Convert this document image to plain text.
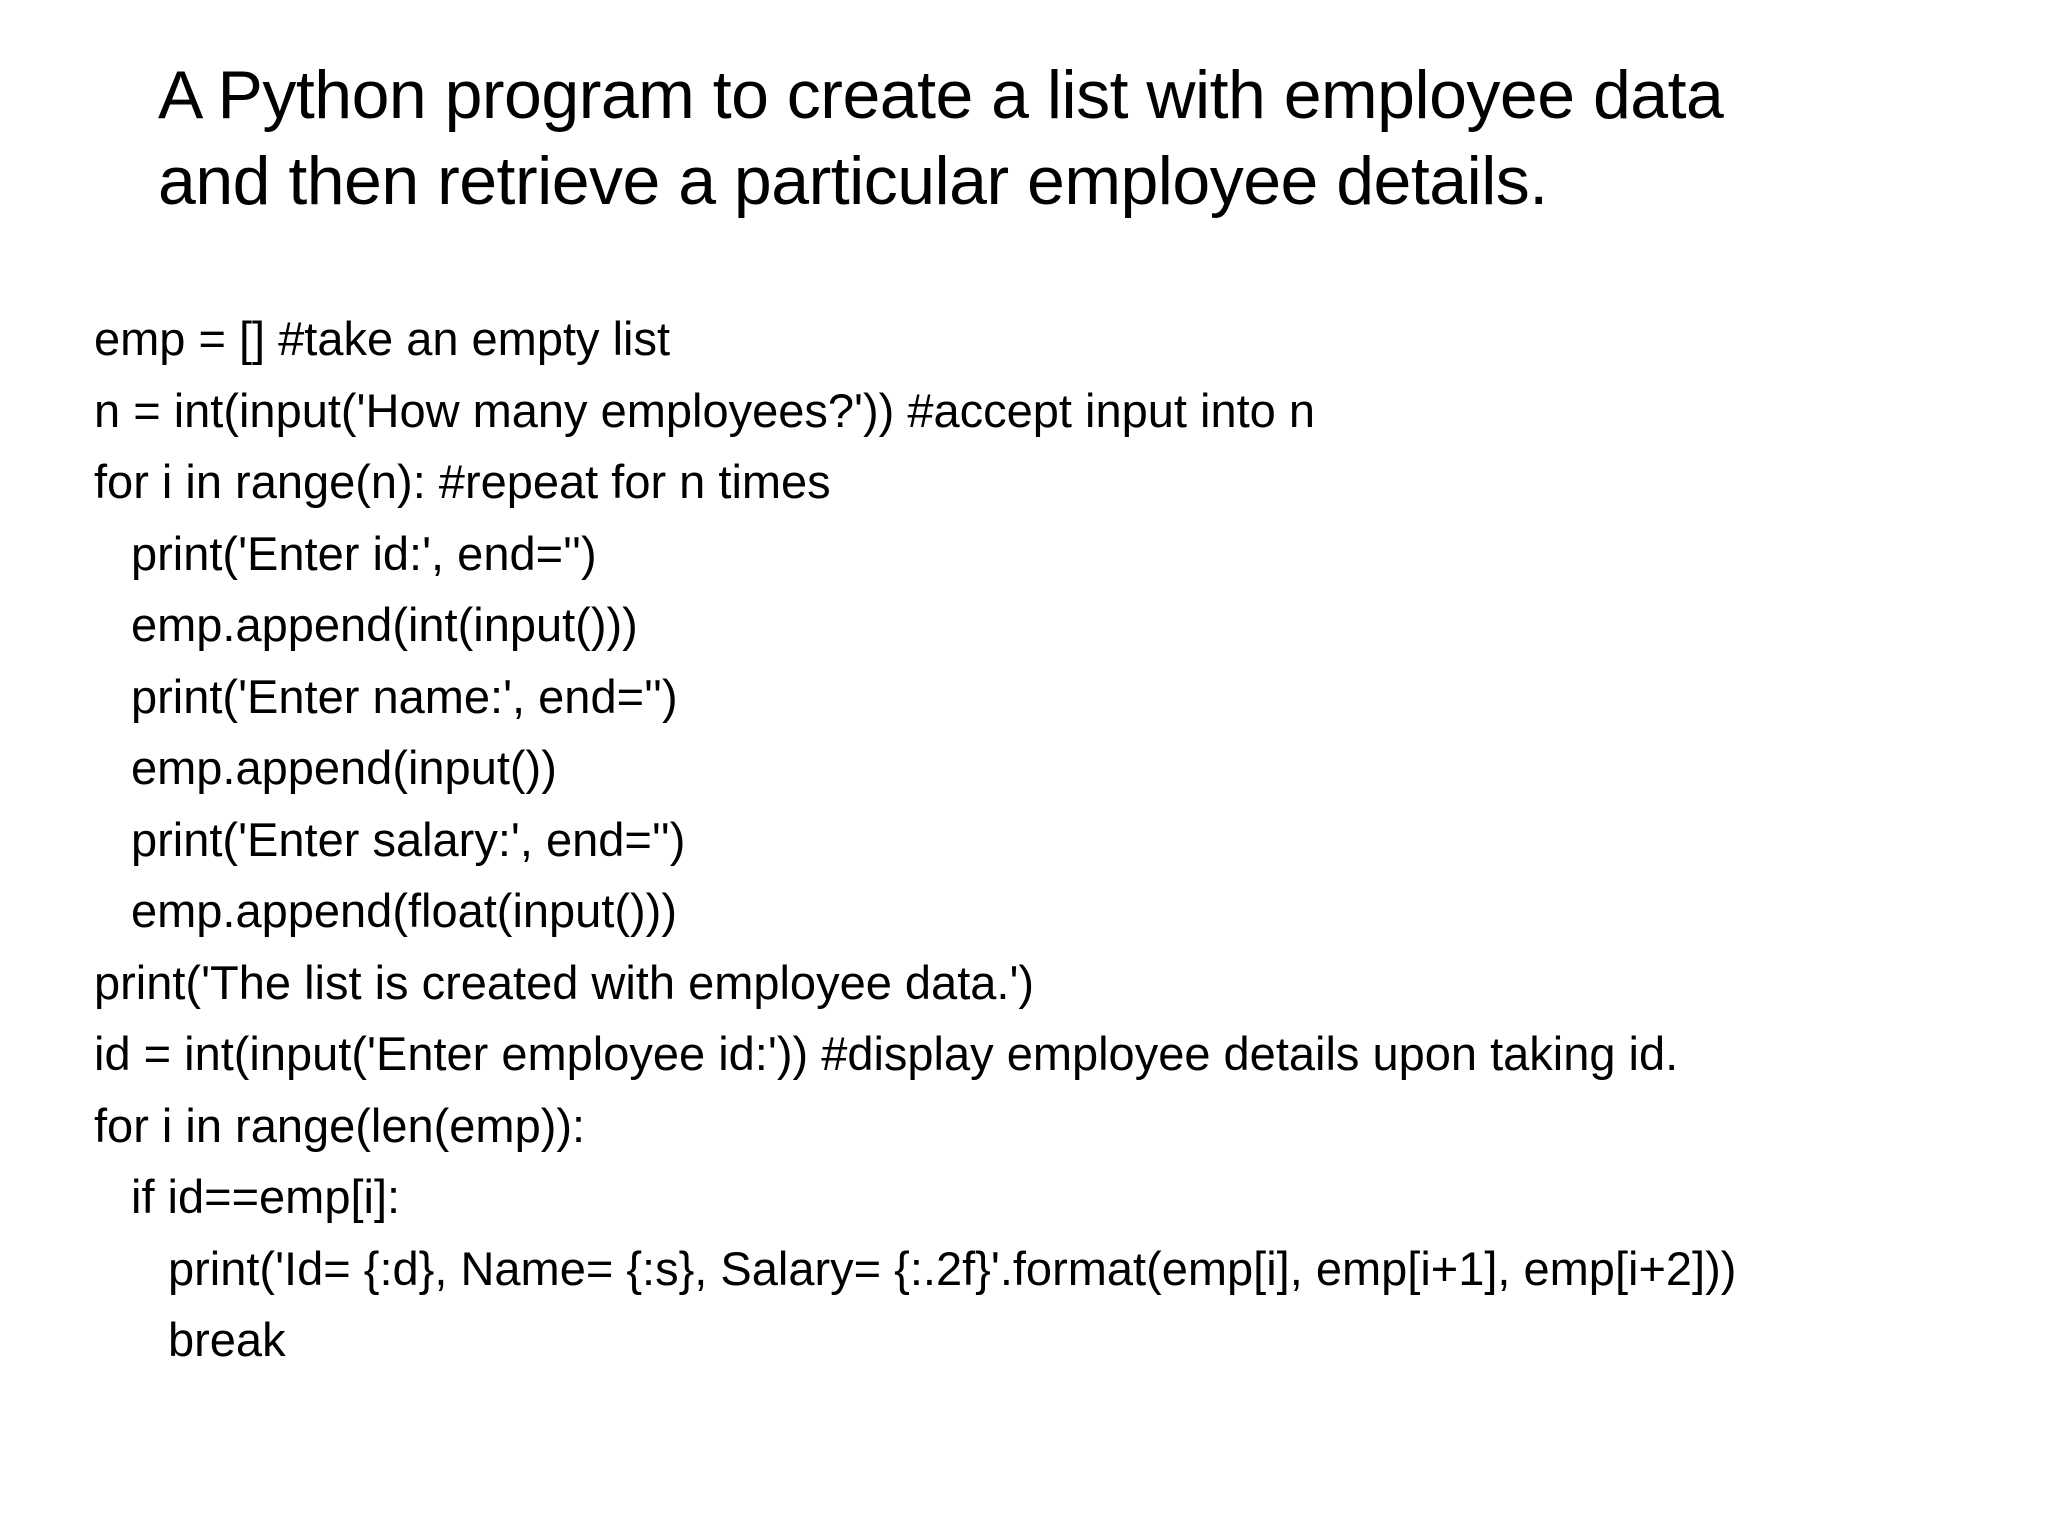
A Python program to create a list with employee data
and then retrieve a particular employee details.
emp = [] #take an empty list
n = int(input('How many employees?')) #accept input into n
for i in range(n): #repeat for n times
print('Enter id:', end='')
emp.append(int(input()))
print('Enter name:', end='')
emp.append(input())
print('Enter salary:', end='')
emp.append(float(input()))
print('The list is created with employee data.')
id = int(input('Enter employee id:')) #display employee details upon taking id.
for i in range(len(emp)):
if id==emp[i]:
print('Id= {:d}, Name= {:s}, Salary= {:.2f}'.format(emp[i], emp[i+1], emp[i+2]))
break
